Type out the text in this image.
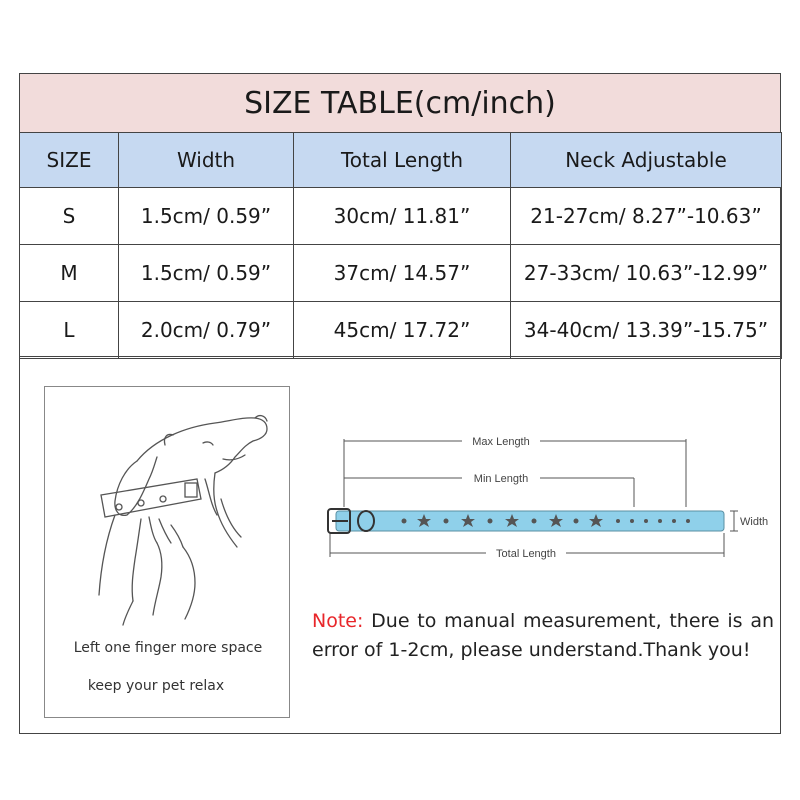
SIZE TABLE(cm/inch)
SIZE	Width	Total Length	Neck Adjustable
S	1.5cm/ 0.59”	30cm/ 11.81”	21-27cm/ 8.27”-10.63”
M	1.5cm/ 0.59”	37cm/ 14.57”	27-33cm/ 10.63”-12.99”
L	2.0cm/ 0.79”	45cm/ 17.72”	34-40cm/ 13.39”-15.75”
Left one finger more space
keep your pet relax
Max Length
Min Length
Total Length
Width
Note: Due to manual measurement, there is an error of 1-2cm, please understand.Thank you!
